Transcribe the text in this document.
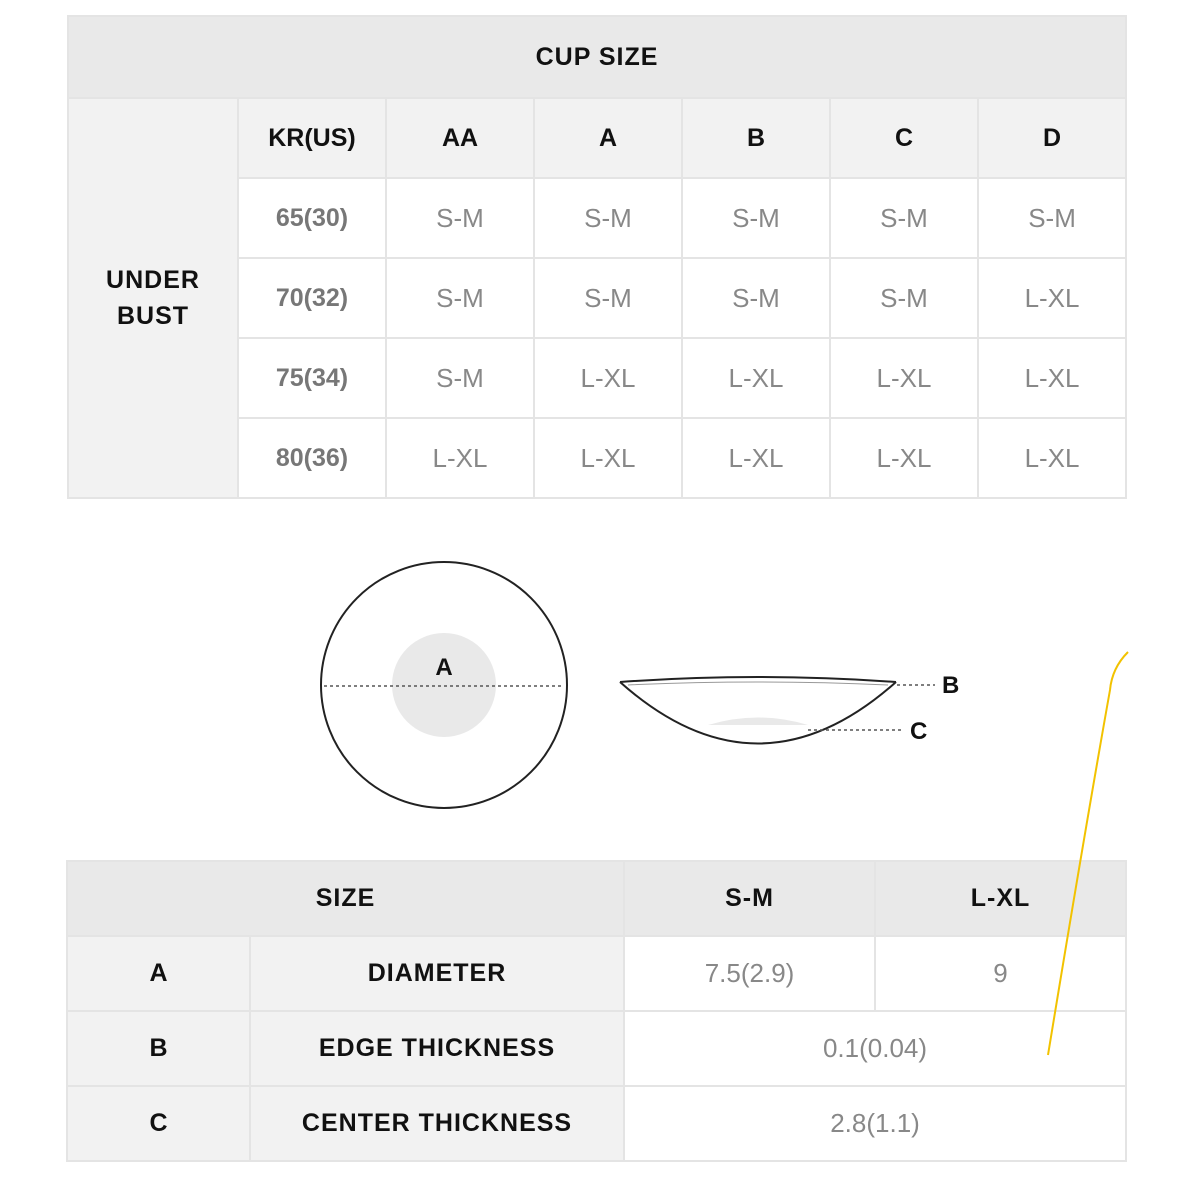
CUP SIZE						
UNDER
BUST	KR(US)	AA	A	B	C	D
	65(30)	S-M	S-M	S-M	S-M	S-M
	70(32)	S-M	S-M	S-M	S-M	L-XL
	75(34)	S-M	L-XL	L-XL	L-XL	L-XL
	80(36)	L-XL	L-XL	L-XL	L-XL	L-XL
A
B
C
SIZE		S-M	L-XL
A	DIAMETER	7.5(2.9)	9
B	EDGE THICKNESS	0.1(0.04)	
C	CENTER THICKNESS	2.8(1.1)	
